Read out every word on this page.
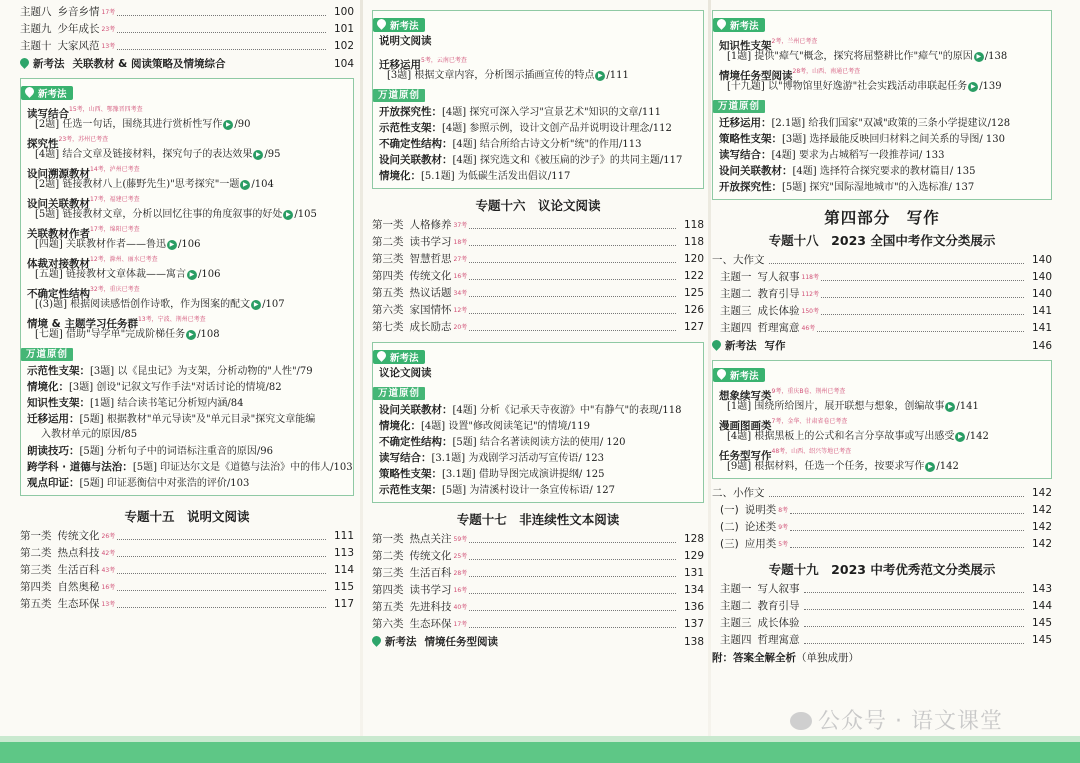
主题八 乡音乡情 17考	100
主题九 少年成长 23考	101
主题十 大家风范 13考	102
新考法 关联教材 & 阅读策略及情境综合	104
新考法
读写结合$^{15考,山西、鄂豫晋四考查}$
[2题] 任选一句话，围绕其进行赏析性写作 ▶ /90
探究性$^{23考,苏州已考查}$
[4题] 结合文章及链接材料，探究句子的表达效果 ▶ /95
设问溯源教材$^{14考,泸州已考查}$
[2题] 链接教材八上(藤野先生)"思考探究"一题 ▶ /104
设问关联教材$^{17考,福建已考查}$
[5题] 链接教材文章，分析以回忆往事的角度叙事的好处 ▶ /105
关联教材作者$^{17考,绵阳已考查}$
[四题] 关联教材作者——鲁迅 ▶ /106
体裁对接教材$^{12考,滁州、丽水已考查}$
[五题] 链接教材文章体裁——寓言 ▶ /106
不确定性结构$^{32考,重庆已考查}$
[(3)题] 根据阅读感悟创作诗歌，作为图案的配文 ▶ /107
情境 & 主题学习任务群$^{13考,宁波、荆州已考查}$
[七题] 借助"导学单"完成阶梯任务 ▶ /108
万道原创
示范性支架：[3题] 以《昆虫记》为支架，分析动物的"人性"/79
情境化：[3题] 创设"记叙文写作手法"对话讨论的情境/82
知识性支架：[1题] 结合读书笔记分析短内涵/84
迁移运用：[5题] 根据教材"单元导读"及"单元目录"探究文章能编
入教材单元的原因/85
朗读技巧：[5题] 分析句子中的词语标注重音的原因/96
跨学科 · 道德与法治：[5题] 印证达尔文是《道德与法治》中的伟人/103
观点印证：[5题] 印证恶衡信中对张浩的评价/103
专题十五　说明文阅读
第一类 传统文化 26考	111
第二类 热点科技 42考	113
第三类 生活百科 43考	114
第四类 自然奥秘 16考	115
第五类 生态环保 13考	117
新考法
说明文阅读
迁移运用$^{5考,云南已考查}$
[3题] 根据文章内容，分析图示插画宣传的特点 ▶ /111
万道原创
开放探究性：[4题] 探究可深入学习"宣景艺术"知识的文章/111
示范性支架：[4题] 参照示例，设计文创产品并说明设计理念/112
不确定性结构：[4题] 结合所给古诗文分析"统"的作用/113
设问关联教材：[4题] 探究选文和《被压扁的沙子》的共同主题/117
情境化：[5.1题] 为低碳生活发出倡议/117
专题十六　议论文阅读
第一类 人格修养 37考	118
第二类 读书学习 18考	118
第三类 智慧哲思 27考	120
第四类 传统文化 16考	122
第五类 热议话题 34考	125
第六类 家国情怀 12考	126
第七类 成长励志 20考	127
新考法
议论文阅读
万道原创
设问关联教材：[4题] 分析《记承天寺夜游》中"有静气"的表现/118
情境化：[4题] 设置"修改阅读笔记"的情境/119
不确定性结构：[5题] 结合名著读阅读方法的使用/ 120
读写结合：[3.1题] 为戏剧学习活动写宣传语/ 123
策略性支架：[3.1题] 借助导图完成演讲提纲/ 125
示范性支架：[5题] 为清溪村设计一条宣传标语/ 127
专题十七　非连续性文本阅读
第一类 热点关注 59考	128
第二类 传统文化 25考	129
第三类 生活百科 28考	131
第四类 读书学习 16考	134
第五类 先进科技 40考	136
第六类 生态环保 17考	137
新考法 情境任务型阅读	138
新考法
知识性支架$^{2考,兰州已考查}$
[1题] 提供"瘴气"概念，探究将屈整耕比作"瘴气"的原因 ▶ /138
情境任务型阅读$^{28考,山西、南通已考查}$
[十九题] 以"博物馆里好逸游"社会实践活动串联起任务 ▶ /139
万道原创
迁移运用：[2.1题] 给我们国家"双减"政策的三条小学提建议/128
策略性支架：[3题] 选择最能反映回归材料之间关系的导图/ 130
读写结合：[4题] 要求为占城稻写一段推荐词/ 133
设问关联教材：[4题] 选择符合探究要求的教材篇目/ 135
开放探究性：[5题] 探究"国际湿地城市"的入选标准/ 137
第四部分　写作
专题十八　2023 全国中考作文分类展示
一、大作文	140
主题一 写人叙事 118考	140
主题二 教育引导 112考	140
主题三 成长体验 150考	141
主题四 哲理寓意 46考	141
新考法 写作	146
新考法
想象续写类$^{9考,重庆B卷、荆州已考查}$
[1题] 围绕所给图片，展开联想与想象，创编故事 ▶ /141
漫画图画类$^{7考,金华、甘肃省卷已考查}$
[4题] 根据黑板上的公式和名言分享故事或写出感受 ▶ /142
任务型写作$^{48考,山西、绍兴等地已考查}$
[9题] 根据材料，任选一个任务，按要求写作 ▶ /142
二、小作文	142
(一) 说明类 8考	142
(二) 论述类 9考	142
(三) 应用类 5考	142
专题十九　2023 中考优秀范文分类展示
主题一 写人叙事	143
主题二 教育引导	144
主题三 成长体验	145
主题四 哲理寓意	145
附：答案全解全析（单独成册）
公众号 · 语文课堂
